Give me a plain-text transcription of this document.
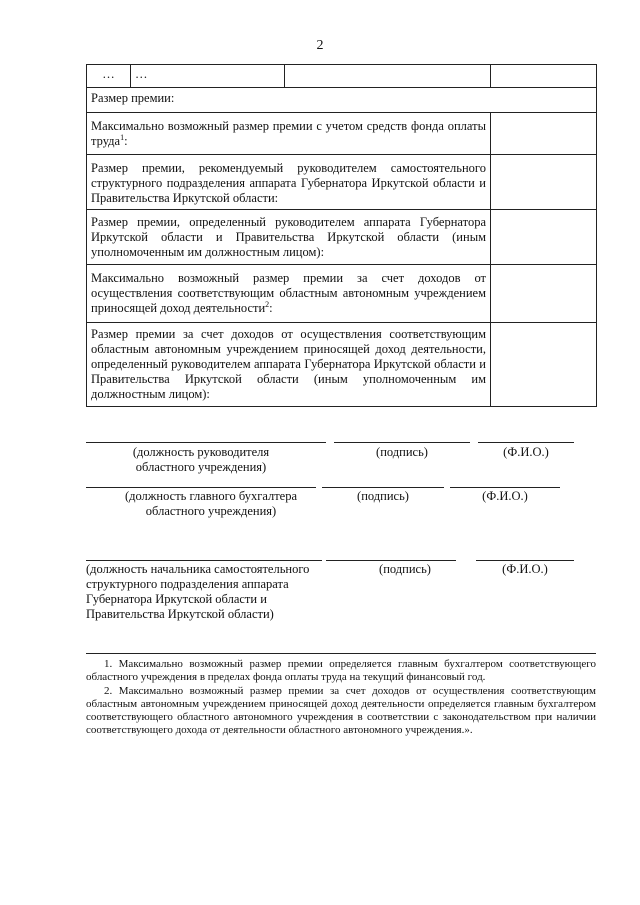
2
…	…		
Размер премии:			
Максимально возможный размер премии с учетом средств фонда оплаты труда$^1$:			
Размер премии, рекомендуемый руководителем самостоятельного структурного подразделения аппарата Губернатора Иркутской области и Правительства Иркутской области:			
Размер премии, определенный руководителем аппарата Губернатора Иркутской области и Правительства Иркутской области (иным уполномоченным им должностным лицом):			
Максимально возможный размер премии за счет доходов от осуществления соответствующим областным автономным учреждением приносящей доход деятельности$^2$:			
Размер премии за счет доходов от осуществления соответствующим областным автономным учреждением приносящей доход деятельности, определенный руководителем аппарата Губернатора Иркутской области и Правительства Иркутской области (иным уполномоченным им должностным лицом):			
(должность руководителя
областного учреждения)
(подпись)	(Ф.И.О.)
(должность главного бухгалтера
областного учреждения)
(подпись)	(Ф.И.О.)
(должность начальника самостоятельного
структурного подразделения аппарата
Губернатора Иркутской области и
Правительства Иркутской области)
(подпись)	(Ф.И.О.)

1. Максимально возможный размер премии определяется главным бухгалтером соответствующего областного учреждения в пределах фонда оплаты труда на текущий финансовый год.

2. Максимально возможный размер премии за счет доходов от осуществления соответствующим областным автономным учреждением приносящей доход деятельности определяется главным бухгалтером соответствующего областного автономного учреждения в соответствии с законодательством при наличии соответствующего дохода от деятельности областного автономного учреждения.».
